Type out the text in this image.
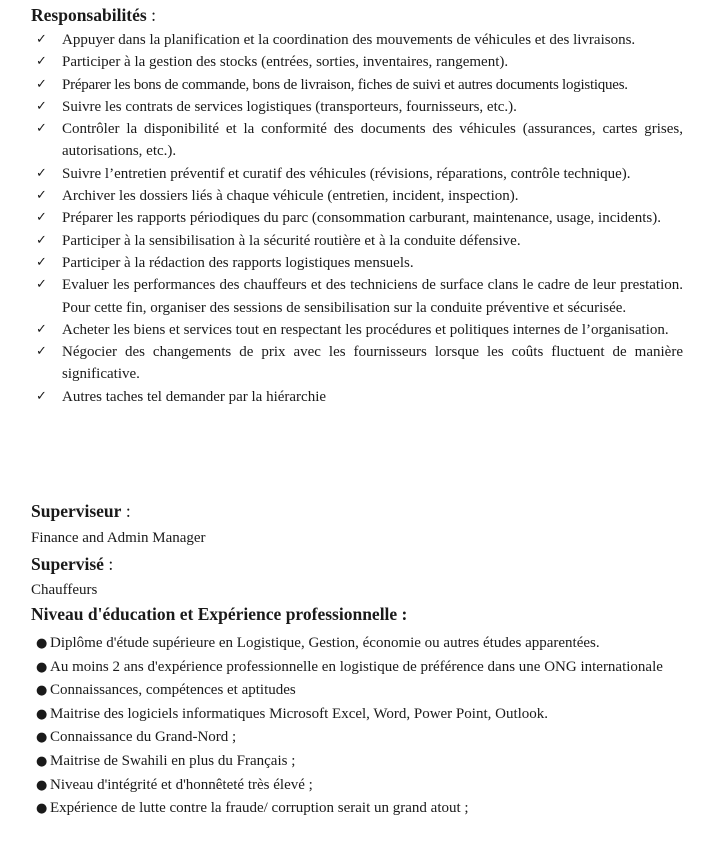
Responsabilités :
✓ Appuyer dans la planification et la coordination des mouvements de véhicules et des livraisons.
✓ Participer à la gestion des stocks (entrées, sorties, inventaires, rangement).
✓ Préparer les bons de commande, bons de livraison, fiches de suivi et autres documents logistiques.
✓ Suivre les contrats de services logistiques (transporteurs, fournisseurs, etc.).
✓ Contrôler la disponibilité et la conformité des documents des véhicules (assurances, cartes grises, autorisations, etc.).
✓ Suivre l’entretien préventif et curatif des véhicules (révisions, réparations, contrôle technique).
✓ Archiver les dossiers liés à chaque véhicule (entretien, incident, inspection).
✓ Préparer les rapports périodiques du parc (consommation carburant, maintenance, usage, incidents).
✓ Participer à la sensibilisation à la sécurité routière et à la conduite défensive.
✓ Participer à la rédaction des rapports logistiques mensuels.
✓ Evaluer les performances des chauffeurs et des techniciens de surface clans le cadre de leur prestation. Pour cette fin, organiser des sessions de sensibilisation sur la conduite préventive et sécurisée.
✓ Acheter les biens et services tout en respectant les procédures et politiques internes de l’organisation.
✓ Négocier des changements de prix avec les fournisseurs lorsque les coûts fluctuent de manière significative.
✓ Autres taches tel demander par la hiérarchie
Superviseur :
Finance and Admin Manager
Supervisé :
Chauffeurs
Niveau d'éducation et Expérience professionnelle :
● Diplôme d'étude supérieure en Logistique, Gestion, économie ou autres études apparentées.
● Au moins 2 ans d'expérience professionnelle en logistique de préférence dans une ONG internationale
● Connaissances, compétences et aptitudes
● Maitrise des logiciels informatiques Microsoft Excel, Word, Power Point, Outlook.
● Connaissance du Grand-Nord ;
● Maitrise de Swahili en plus du Français ;
● Niveau d'intégrité et d'honnêteté très élevé ;
● Expérience de lutte contre la fraude/ corruption serait un grand atout ;
